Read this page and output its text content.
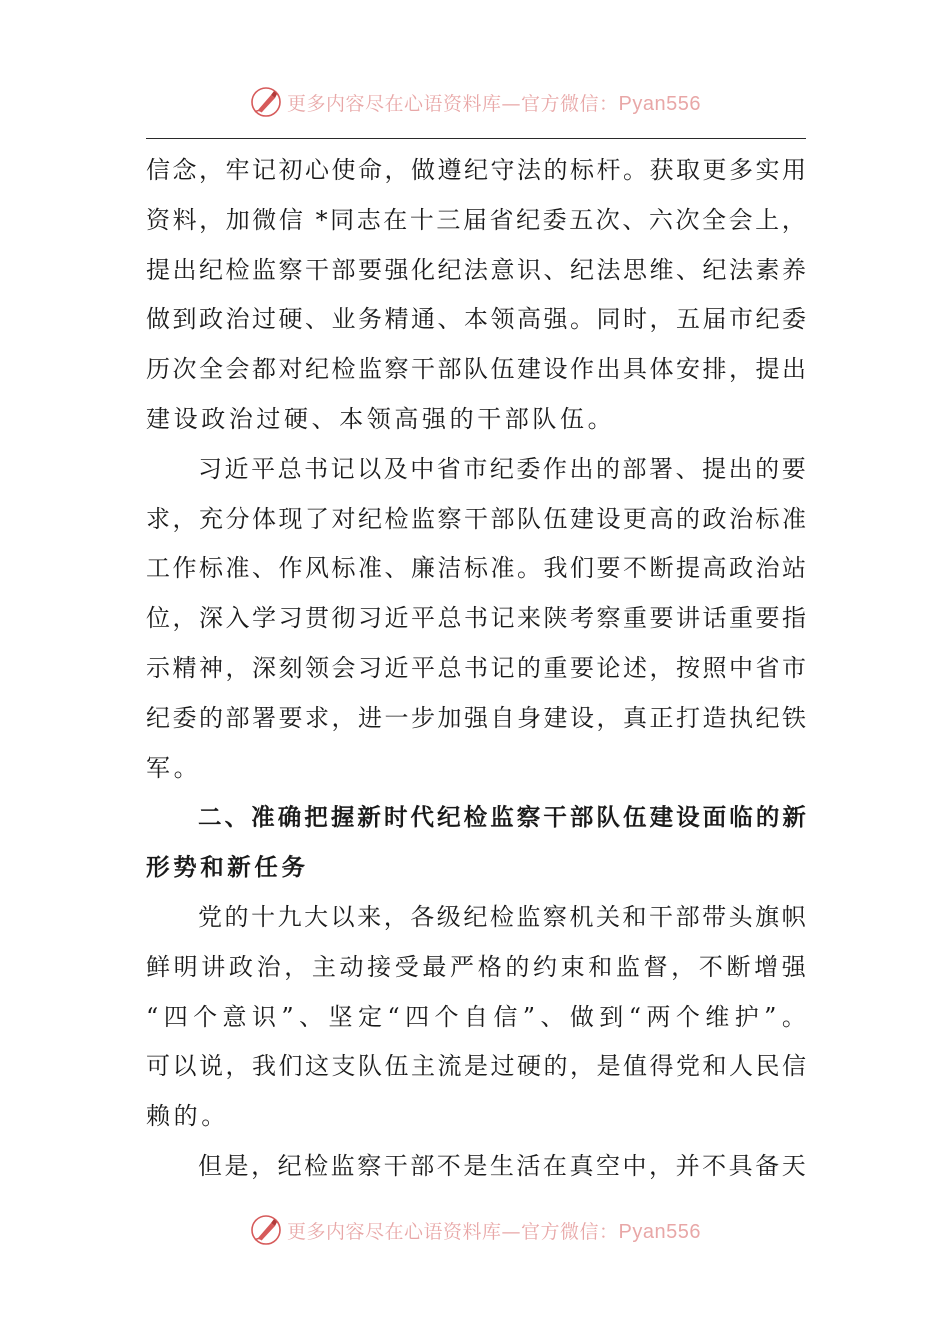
更多内容尽在心语资料库—官方微信：Pyan556
信 念 ， 牢 记 初 心 使 命 ， 做 遵 纪 守 法 的 标 杆 。 获 取 更 多 实 用
资 料 ， 加 微 信
* 同 志 在 十 三 届 省 纪 委 五 次 、 六 次 全 会 上 ，
提 出 纪 检 监 察 干 部 要 强 化 纪 法 意 识 、 纪 法 思 维 、 纪 法 素 养
做 到 政 治 过 硬 、 业 务 精 通 、 本 领 高 强 。 同 时 ， 五 届 市 纪 委
历 次 全 会 都 对 纪 检 监 察 干 部 队 伍 建 设 作 出 具 体 安 排 ， 提 出
建设政治过硬、本领高强的干部队伍。
习 近 平 总 书 记 以 及 中 省 市 纪 委 作 出 的 部 署 、 提 出 的 要
求 ， 充 分 体 现 了 对 纪 检 监 察 干 部 队 伍 建 设 更 高 的 政 治 标 准
工 作 标 准 、 作 风 标 准 、 廉 洁 标 准 。 我 们 要 不 断 提 高 政 治 站
位 ， 深 入 学 习 贯 彻 习 近 平 总 书 记 来 陕 考 察 重 要 讲 话 重 要 指
示 精 神 ， 深 刻 领 会 习 近 平 总 书 记 的 重 要 论 述 ， 按 照 中 省 市
纪 委 的 部 署 要 求 ， 进 一 步 加 强 自 身 建 设 ， 真 正 打 造 执 纪 铁
军。
二 、 准 确 把 握 新 时 代 纪 检 监 察 干 部 队 伍 建 设 面 临 的 新
形势和新任务
党 的 十 九 大 以 来 ， 各 级 纪 检 监 察 机 关 和 干 部 带 头 旗 帜
鲜 明 讲 政 治 ， 主 动 接 受 最 严 格 的 约 束 和 监 督 ， 不 断 增 强
“ 四 个 意 识 ” 、 坚 定 “ 四 个 自 信 ” 、 做 到 “ 两 个 维 护 ” 。
可 以 说 ， 我 们 这 支 队 伍 主 流 是 过 硬 的 ， 是 值 得 党 和 人 民 信
赖的。
但 是 ， 纪 检 监 察 干 部 不 是 生 活 在 真 空 中 ， 并 不 具 备 天
更多内容尽在心语资料库—官方微信：Pyan556
